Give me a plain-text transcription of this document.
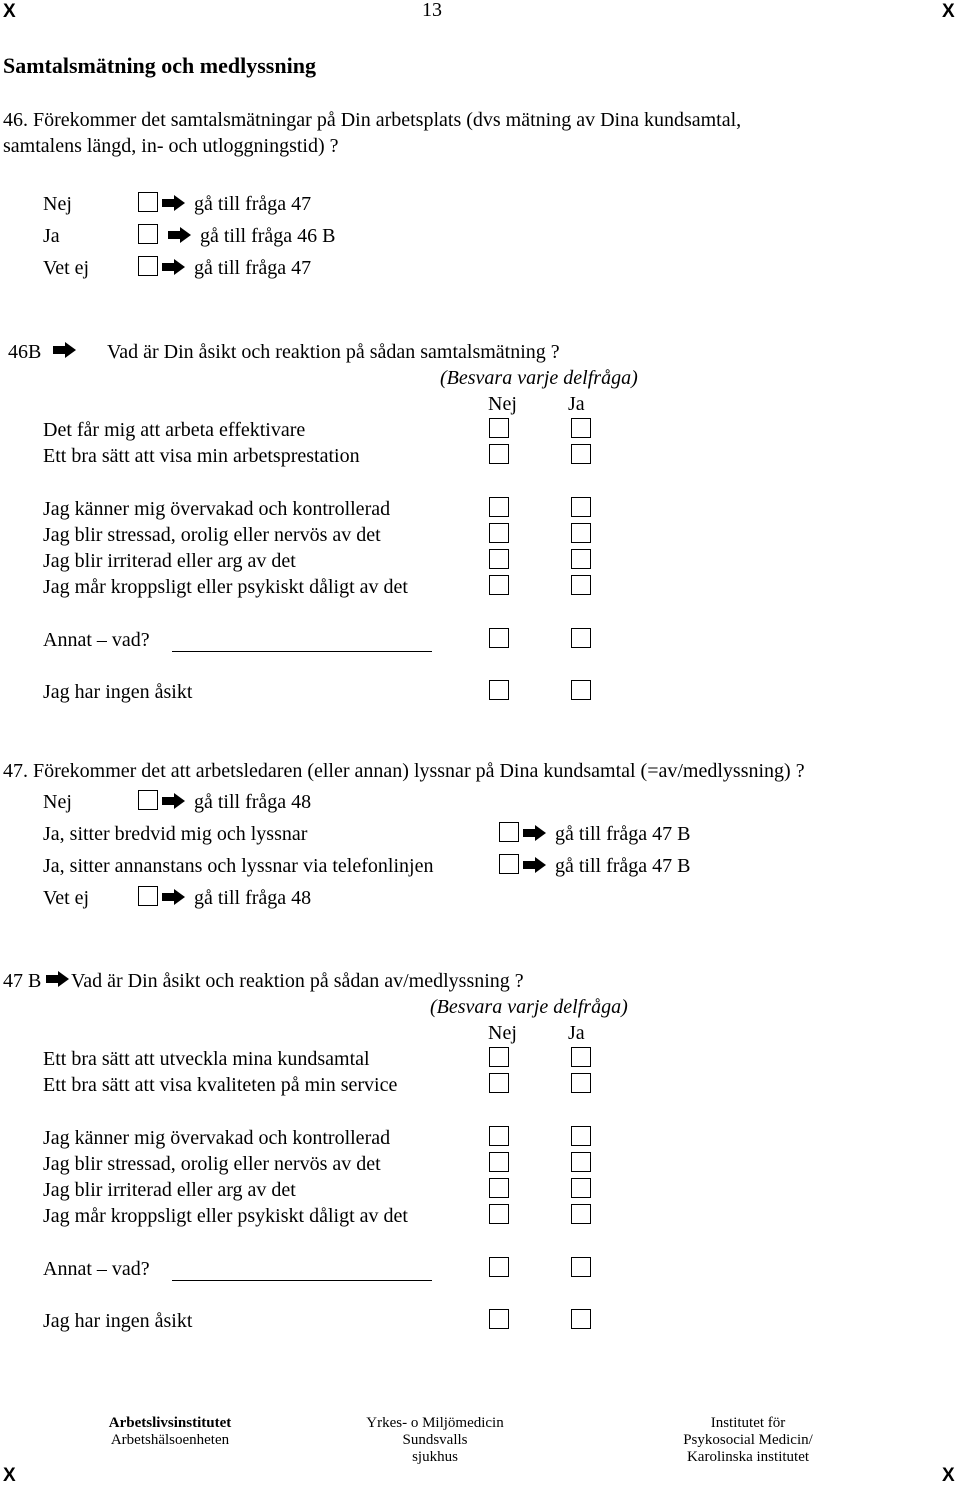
X	13	X
Samtalsmätning och medlyssning
46. Förekommer det samtalsmätningar på Din arbetsplats (dvs mätning av Dina kundsamtal,
samtalens längd, in- och utloggningstid) ?
Nej	gå till fråga 47
Ja	gå till fråga 46 B
Vet ej	gå till fråga 47
46B	Vad är Din åsikt och reaktion på sådan samtalsmätning ?
(Besvara varje delfråga)
Nej	Ja
Det får mig att arbeta effektivare
Ett bra sätt att visa min arbetsprestation
Jag känner mig övervakad och kontrollerad
Jag blir stressad, orolig eller nervös av det
Jag blir irriterad eller arg av det
Jag mår kroppsligt eller psykiskt dåligt av det
Annat – vad?
Jag har ingen åsikt
47. Förekommer det att arbetsledaren (eller annan) lyssnar på Dina kundsamtal (=av/medlyssning) ?
Nej	gå till fråga 48
Ja, sitter bredvid mig och lyssnar	gå till fråga 47 B
Ja, sitter annanstans och lyssnar via telefonlinjen	gå till fråga 47 B
Vet ej	gå till fråga 48
47 B Vad är Din åsikt och reaktion på sådan av/medlyssning ?
(Besvara varje delfråga)
Nej	Ja
Ett bra sätt att utveckla mina kundsamtal
Ett bra sätt att visa kvaliteten på min service
Jag känner mig övervakad och kontrollerad
Jag blir stressad, orolig eller nervös av det
Jag blir irriterad eller arg av det
Jag mår kroppsligt eller psykiskt dåligt av det
Annat – vad?
Jag har ingen åsikt
Arbetslivsinstitutet
Arbetshälsoenheten
Yrkes- o Miljömedicin
Sundsvalls
sjukhus
Institutet för
Psykosocial Medicin/
Karolinska institutet
X	X
